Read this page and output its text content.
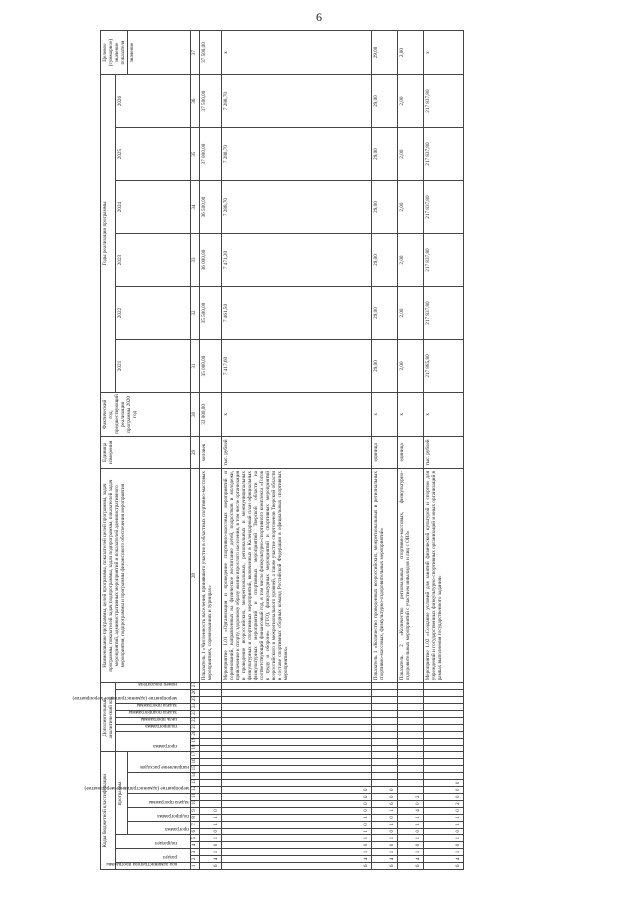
6
Коды бюджетной классификации																	Дополнительный аналитический код										Наименование программы, целей программы, показателей целей программы, задач программы, показателей задач подпрограммы, задач подпрограммы, показателей задач мероприятий, административных мероприятий и показателей административного мероприятия, подпрограммы и программы финансового обеспечения мероприятия	Единица измерения	Фактический год, предшествующий реализации программы 2020 год	Годы реализации программы						Целевое (суммарное) значение показателя

код администратора программы	раздел		подраздел		программа												программа			подпрограмма	цель программы	задача подпрограммы	задача программы	мероприятие (административное мероприятие)		номер показателя				2021	2022	2023	2024	2025	2026	

					программа		подпрограмма		задача программы		мероприятие (административное мероприятие)			направление расходов																						значение
1	2	3	4	5	6	7	8	9	10	11	12	13	14	15	16	17	18	19	20	21	22	23	24	25	26	27	28	29	30	31	32	33	34	35	36	37
6	4	1	0	1	0	1	1	0																			Показатель 1 «Численность населения, принявшего участие в областных спортивно-массовых мероприятиях, соревнованиях и турнирах»	человек	33 000,00	35 000,00	35 500,00	36 000,00	36 500,00	37 000,00	37 500,00	37 500,00
6	4	1	0	1	1	0	1	0	0	0	0																Мероприятие 1.01 «Организация и проведение спортивно-массовых мероприятий и соревнований, направленных на физическое воспитание детей, подростков и молодежи, привлечение к спорту, здоровому образу жизни взрослого населения, в том числе организация и проведение всероссийских, межрегиональных, региональных и межмуниципальных физкультурных и спортивных мероприятий, включенных в Календарный план официальных физкультурных мероприятий и спортивных мероприятий Тверской области на соответствующий финансовый год, в том числе физкультурно-спортивного комплекса «Готов к труду и обороне» (ГТО), физкультурных мероприятий и спортивных мероприятий всероссийского и межрегионального уровней, а также участие спортсменов Тверской области в составе спортивных сборных команд Российской Федерации в официальных спортивных мероприятиях»	тыс. рублей	x	7 417,60	7 461,50	7 471,20	7 288,70	7 288,70	7 288,70	x
6	4	1	0	1	0	1	0	1	6	0	0																Показатель 1 «Количество проведенных всероссийских, межрегиональных и региональных спортивно-массовых, физкультурно-оздоровительных мероприятий»	единица	x	29,00	29,00	29,00	29,00	29,00	29,00	29,00
6	4	1	0	1	0	1	1	4	0	2																	Показатель 2 «Количество региональных спортивно-массовых, физкультурно-оздоровительных мероприятий с участием инвалидов и лиц с ОВЗ»	единица	x	2,00	2,00	2,00	2,00	2,00	2,00	2,00
6	4	1	0	1	0	1	1	0	2	0	0	0															Мероприятие 1.02 «Создание условий для занятий физической культурой и спортом для учреждений и государственных физкультурно-спортивных организаций и иных организаций в рамках выполнения государственного задания»	тыс. рублей	x	217 885,80	217 837,80	217 837,80	217 837,80	217 837,80	217 837,80	x
